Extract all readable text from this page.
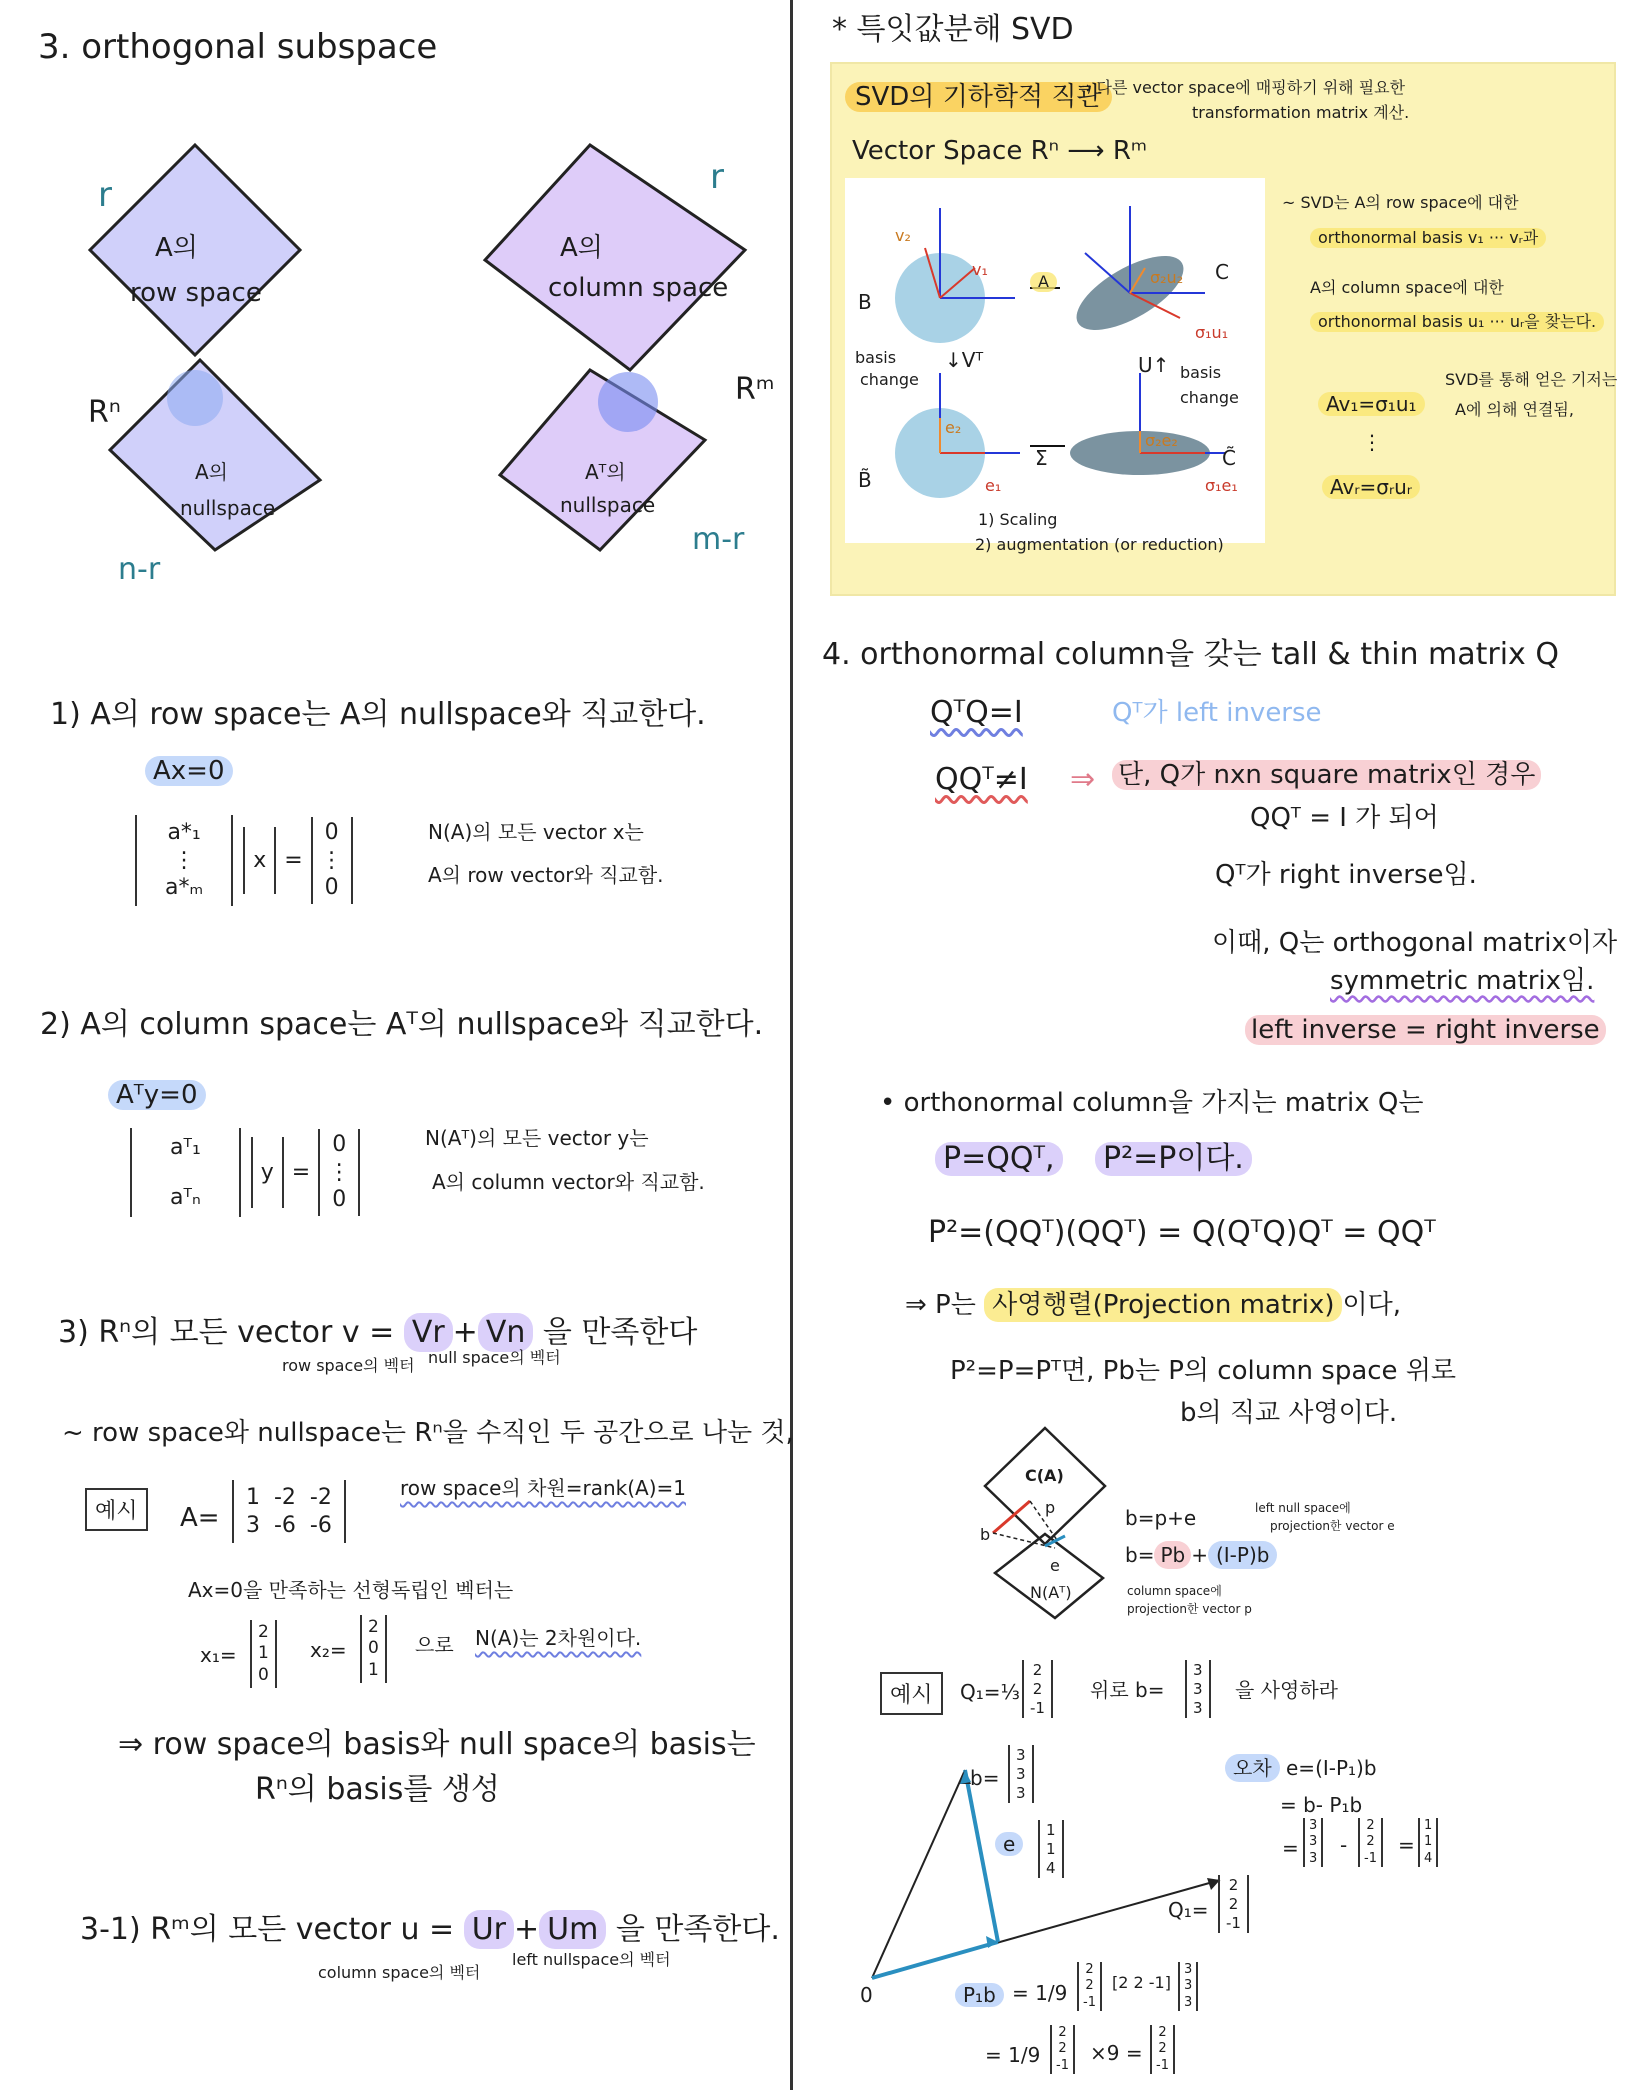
3. orthogonal subspace
r	r
Rⁿ
Rᵐ
n-r
m-r
A의
row space
A의
column space
A의
nullspace
Aᵀ의
nullspace
1) A의 row space는 A의 nullspace와 직교한다.
Ax=0
a*₁
⋮
a*ₘ
x =
0
⋮
0
N(A)의 모든 vector x는
A의 row vector와 직교함.
2) A의 column space는 Aᵀ의 nullspace와 직교한다.
Aᵀy=0
aᵀ₁
aᵀₙ
y =
0
⋮
0
N(Aᵀ)의 모든 vector y는
A의 column vector와 직교함.
3) Rⁿ의 모든 vector v = Vr + Vn 을 만족한다
row space의 벡터 null space의 벡터
~ row space와 nullspace는 Rⁿ을 수직인 두 공간으로 나눈 것,
예시	A=
1  -2  -2
3  -6  -6
row space의 차원=rank(A)=1
Ax=0을 만족하는 선형독립인 벡터는
x₁=
2
1
0
x₂=
2
0
1
으로 N(A)는 2차원이다.
⇒ row space의 basis와 null space의 basis는
Rⁿ의 basis를 생성
3-1) Rᵐ의 모든 vector u = Ur + Um 을 만족한다.
column space의 벡터
left nullspace의 벡터
* 특잇값분해 SVD
SVD의 기하학적 직관
⇒ 다른 vector space에 매핑하기 위해 필요한
transformation matrix 계산.
Vector Space Rⁿ ⟶ Rᵐ
B
v₂
v₁
A	C
σ₂u₂
σ₁u₁
basis
change
↓Vᵀ	U↑ basis
change
B̃
e₂
e₁
Σ	C̃
σ₂e₂
σ₁e₁
1) Scaling
2) augmentation (or reduction)
~ SVD는 A의 row space에 대한
orthonormal basis v₁ ··· vᵣ과
A의 column space에 대한
orthonormal basis u₁ ··· uᵣ을 찾는다.
Av₁=σ₁u₁
⋮
Avᵣ=σᵣuᵣ
SVD를 통해 얻은 기저는
A에 의해 연결됨,
4. orthonormal column을 갖는 tall & thin matrix Q
QᵀQ=I	Qᵀ가 left inverse
QQᵀ≠I ⇒ 단, Q가 nxn square matrix인 경우
QQᵀ = I 가 되어
Qᵀ가 right inverse임.
이때, Q는 orthogonal matrix이자
symmetric matrix임.
left inverse = right inverse
• orthonormal column을 가지는 matrix Q는
P=QQᵀ, P²=P이다.
P²=(QQᵀ)(QQᵀ) = Q(QᵀQ)Qᵀ = QQᵀ
⇒ P는 사영행렬(Projection matrix) 이다,
P²=P=Pᵀ면, Pb는 P의 column space 위로
b의 직교 사영이다.
C(A)
p
b
e
N(Aᵀ)
b=p+e
b= Pb + (I-P)b
left null space에
projection한 vector e
column space에
projection한 vector p
예시	Q₁=⅓
2
2
-1
위로 b=
3
3
3
을 사영하라
b=
3
3
3
e
1
1
4
Q₁=
2
2
-1
0
오차 e=(I-P₁)b
= b- P₁b
=
3
3
3
-
2
2
-1
=
1
1
4
P₁b = 1/9
2
2
-1
[2 2 -1]
3
3
3
= 1/9
2
2
-1 ×9 =
2
2
-1
